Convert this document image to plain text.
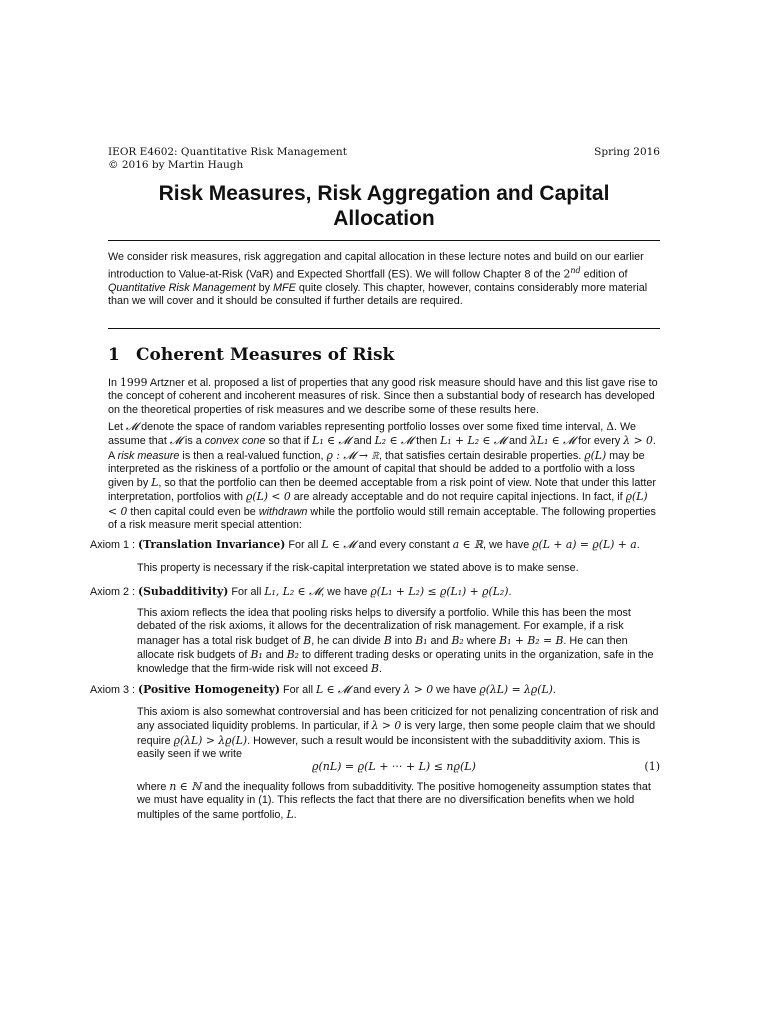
IEOR E4602: Quantitative Risk Management
© 2016 by Martin Haugh
Spring 2016
Risk Measures, Risk Aggregation and Capital Allocation
We consider risk measures, risk aggregation and capital allocation in these lecture notes and build on our earlier introduction to Value-at-Risk (VaR) and Expected Shortfall (ES). We will follow Chapter 8 of the 2nd edition of Quantitative Risk Management by MFE quite closely. This chapter, however, contains considerably more material than we will cover and it should be consulted if further details are required.
1 Coherent Measures of Risk
In 1999 Artzner et al. proposed a list of properties that any good risk measure should have and this list gave rise to the concept of coherent and incoherent measures of risk. Since then a substantial body of research has developed on the theoretical properties of risk measures and we describe some of these results here.
Let 𝓜 denote the space of random variables representing portfolio losses over some fixed time interval, Δ. We assume that 𝓜 is a convex cone so that if L₁ ∈ 𝓜 and L₂ ∈ 𝓜 then L₁ + L₂ ∈ 𝓜 and λL₁ ∈ 𝓜 for every λ > 0. A risk measure is then a real-valued function, ϱ : 𝓜 → ℝ, that satisfies certain desirable properties. ϱ(L) may be interpreted as the riskiness of a portfolio or the amount of capital that should be added to a portfolio with a loss given by L, so that the portfolio can then be deemed acceptable from a risk point of view. Note that under this latter interpretation, portfolios with ϱ(L) < 0 are already acceptable and do not require capital injections. In fact, if ϱ(L) < 0 then capital could even be withdrawn while the portfolio would still remain acceptable. The following properties of a risk measure merit special attention:
Axiom 1 : (Translation Invariance) For all L ∈ 𝓜 and every constant a ∈ ℝ, we have ϱ(L + a) = ϱ(L) + a.
This property is necessary if the risk-capital interpretation we stated above is to make sense.
Axiom 2 : (Subadditivity) For all L₁, L₂ ∈ 𝓜, we have ϱ(L₁ + L₂) ≤ ϱ(L₁) + ϱ(L₂).
This axiom reflects the idea that pooling risks helps to diversify a portfolio. While this has been the most debated of the risk axioms, it allows for the decentralization of risk management. For example, if a risk manager has a total risk budget of B, he can divide B into B₁ and B₂ where B₁ + B₂ = B. He can then allocate risk budgets of B₁ and B₂ to different trading desks or operating units in the organization, safe in the knowledge that the firm-wide risk will not exceed B.
Axiom 3 : (Positive Homogeneity) For all L ∈ 𝓜 and every λ > 0 we have ϱ(λL) = λϱ(L).
This axiom is also somewhat controversial and has been criticized for not penalizing concentration of risk and any associated liquidity problems. In particular, if λ > 0 is very large, then some people claim that we should require ϱ(λL) > λϱ(L). However, such a result would be inconsistent with the subadditivity axiom. This is easily seen if we write
ϱ(nL) = ϱ(L + ··· + L) ≤ nϱ(L)	(1)
where n ∈ ℕ and the inequality follows from subadditivity. The positive homogeneity assumption states that we must have equality in (1). This reflects the fact that there are no diversification benefits when we hold multiples of the same portfolio, L.
